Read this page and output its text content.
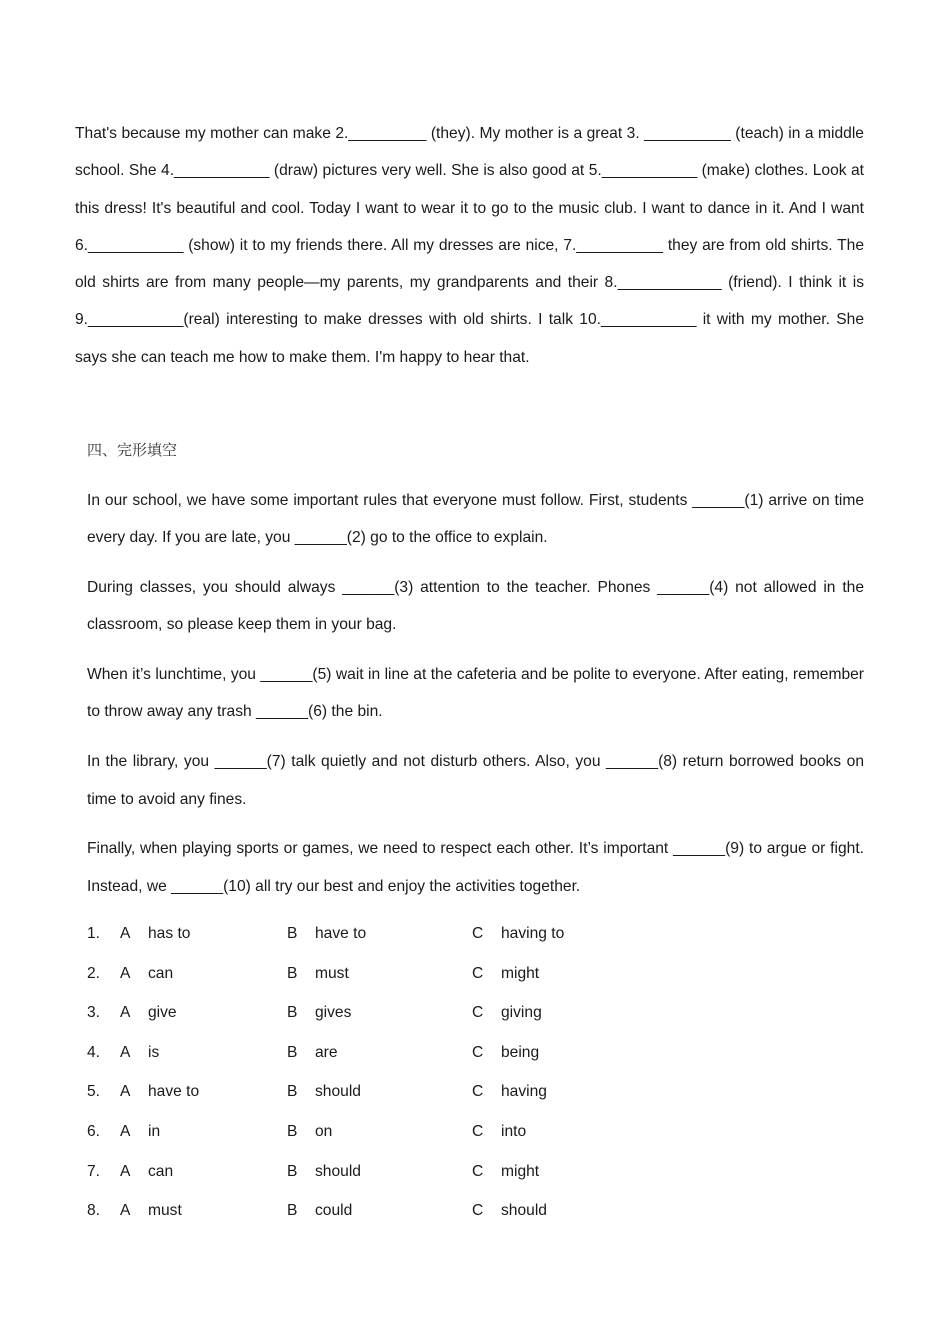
That's because my mother can make 2._________ (they). My mother is a great 3. __________ (teach) in a middle school. She 4.___________ (draw) pictures very well. She is also good at 5.___________ (make) clothes. Look at this dress! It's beautiful and cool. Today I want to wear it to go to the music club. I want to dance in it. And I want 6.___________ (show) it to my friends there. All my dresses are nice, 7.__________ they are from old shirts. The old shirts are from many people—my parents, my grandparents and their 8.____________ (friend). I think it is 9.___________(real) interesting to make dresses with old shirts. I talk 10.___________ it with my mother. She says she can teach me how to make them. I'm happy to hear that.

四、完形填空

In our school, we have some important rules that everyone must follow. First, students ______(1) arrive on time every day. If you are late, you ______(2) go to the office to explain.

During classes, you should always ______(3) attention to the teacher. Phones ______(4) not allowed in the classroom, so please keep them in your bag.

When it’s lunchtime, you ______(5) wait in line at the cafeteria and be polite to everyone. After eating, remember to throw away any trash ______(6) the bin.

In the library, you ______(7) talk quietly and not disturb others. Also, you ______(8) return borrowed books on time to avoid any fines.

Finally, when playing sports or games, we need to respect each other. It’s important ______(9) to argue or fight. Instead, we ______(10) all try our best and enjoy the activities together.

1. A has to	B have to	C having to
2. A can	B must	C might
3. A give	B gives	C giving
4. A is	B are	C being
5. A have to	B should	C having
6. A in	B on	C into
7. A can	B should	C might
8. A must	B could	C should
